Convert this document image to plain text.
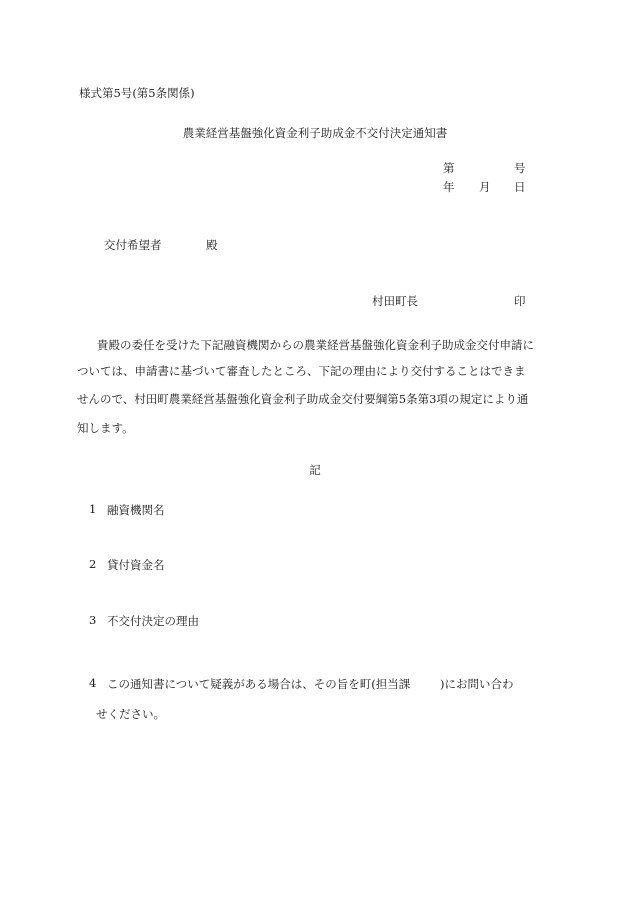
様式第5号(第5条関係)
農業経営基盤強化資金利子助成金不交付決定通知書
第	号
年 月 日
交付希望者	殿
村田町長	印
貴殿の委任を受けた下記融資機関からの農業経営基盤強化資金利子助成金交付申請に
ついては、申請書に基づいて審査したところ、下記の理由により交付することはできま
せんので、村田町農業経営基盤強化資金利子助成金交付要綱第5条第3項の規定により通
知します。
記
1 融資機関名
2 貸付資金名
3 不交付決定の理由
4 この通知書について疑義がある場合は、その旨を町(担当課	)にお問い合わ
せください。
